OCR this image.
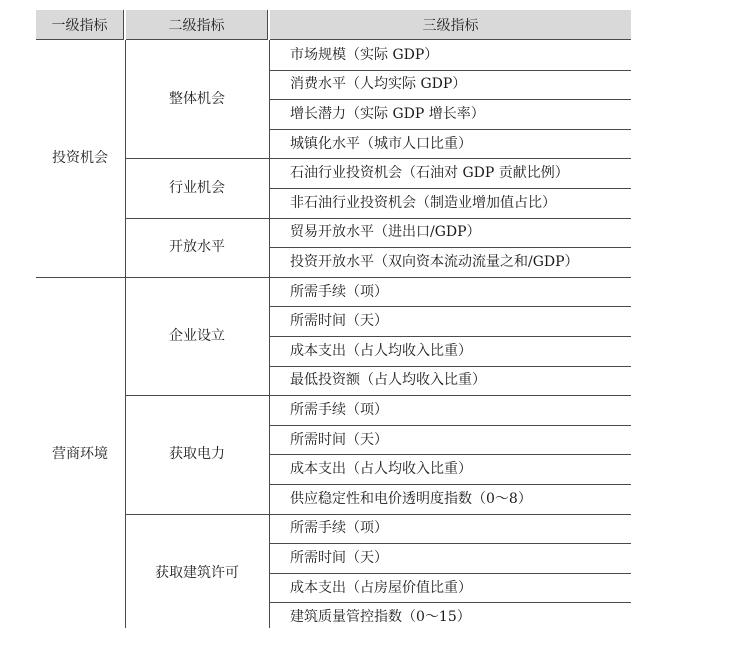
一级指标	二级指标	三级指标
市场规模（实际 GDP）
消费水平（人均实际 GDP）
增长潜力（实际 GDP 增长率）
城镇化水平（城市人口比重）
整体机会
石油行业投资机会（石油对 GDP 贡献比例）
非石油行业投资机会（制造业增加值占比）
行业机会
贸易开放水平（进出口/GDP）
投资开放水平（双向资本流动流量之和/GDP）
开放水平
投资机会
所需手续（项）
所需时间（天）
成本支出（占人均收入比重）
最低投资额（占人均收入比重）
企业设立
所需手续（项）
所需时间（天）
成本支出（占人均收入比重）
供应稳定性和电价透明度指数（0～8）
获取电力
所需手续（项）
所需时间（天）
成本支出（占房屋价值比重）
建筑质量管控指数（0～15）
获取建筑许可
营商环境
